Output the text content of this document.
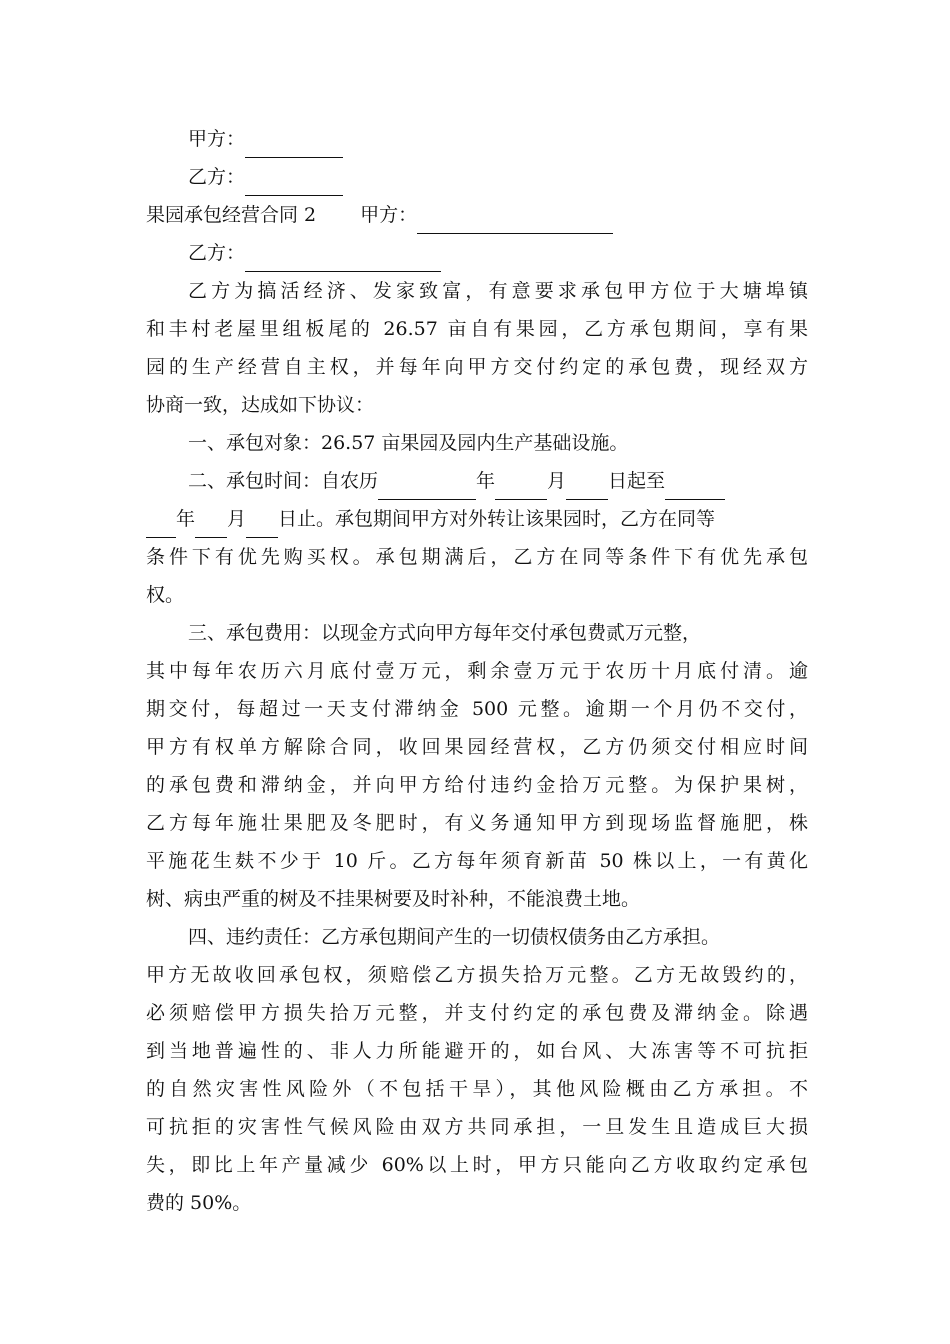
甲方：
乙方：
果园承包经营合同 2 甲方：
乙方：
乙方为搞活经济、发家致富，有意要求承包甲方位于大塘埠镇
和丰村老屋里组板尾的 26.57 亩自有果园，乙方承包期间，享有果
园的生产经营自主权，并每年向甲方交付约定的承包费，现经双方
协商一致，达成如下协议：
一、承包对象：26.57 亩果园及园内生产基础设施。
二、承包时间：自农历	年	月 日起至
年 月 日止。承包期间甲方对外转让该果园时，乙方在同等
条件下有优先购买权。承包期满后，乙方在同等条件下有优先承包
权。
三、承包费用：以现金方式向甲方每年交付承包费贰万元整，
其中每年农历六月底付壹万元，剩余壹万元于农历十月底付清。逾
期交付，每超过一天支付滞纳金 500 元整。逾期一个月仍不交付，
甲方有权单方解除合同，收回果园经营权，乙方仍须交付相应时间
的承包费和滞纳金，并向甲方给付违约金拾万元整。为保护果树，
乙方每年施壮果肥及冬肥时，有义务通知甲方到现场监督施肥，株
平施花生麸不少于 10 斤。乙方每年须育新苗 50 株以上，一有黄化
树、病虫严重的树及不挂果树要及时补种，不能浪费土地。
四、违约责任：乙方承包期间产生的一切债权债务由乙方承担。
甲方无故收回承包权，须赔偿乙方损失拾万元整。乙方无故毁约的，
必须赔偿甲方损失拾万元整，并支付约定的承包费及滞纳金。除遇
到当地普遍性的、非人力所能避开的，如台风、大冻害等不可抗拒
的自然灾害性风险外（不包括干旱），其他风险概由乙方承担。不
可抗拒的灾害性气候风险由双方共同承担，一旦发生且造成巨大损
失，即比上年产量减少 60%以上时，甲方只能向乙方收取约定承包
费的 50%。
